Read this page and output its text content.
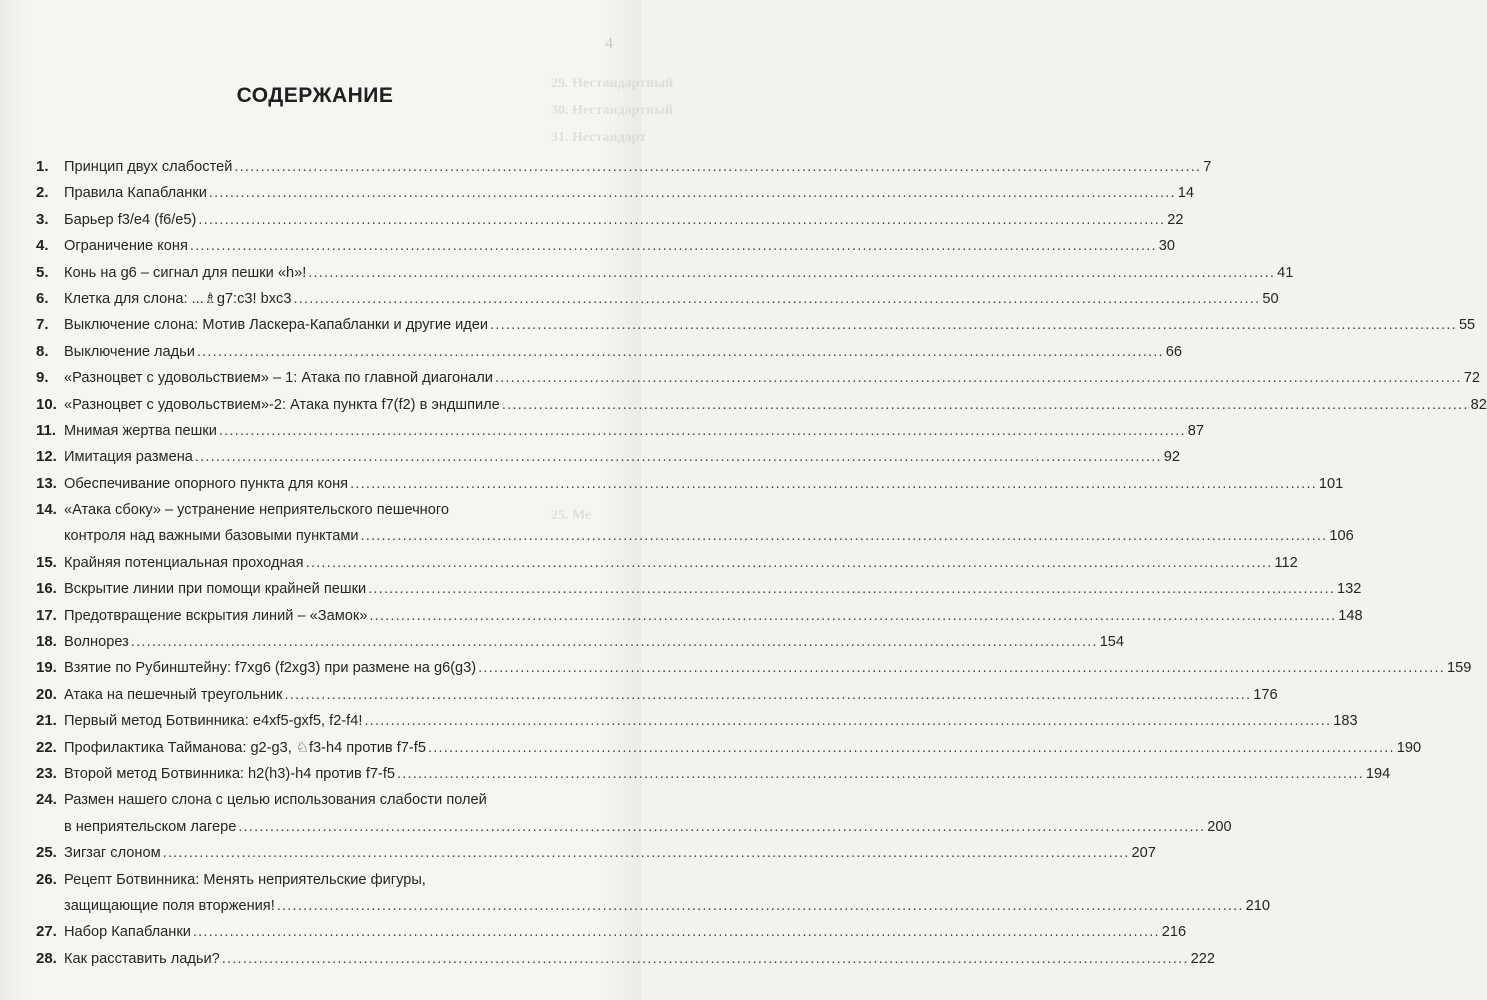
29. Нестандартный
30. Нестандартный
31. Нестандарт
25. Ме
4
СОДЕРЖАНИЕ
1.	Принцип двух слабостей .....	7
2.	Правила Капабланки .....	14
3.	Барьер f3/e4 (f6/e5) .....	22
4.	Ограничение коня .....	30
5.	Конь на g6 – сигнал для пешки «h»! .....	41
6.	Клетка для слона: ...♗g7:c3! bxc3 .....	50
7.	Выключение слона: Мотив Ласкера-Капабланки и другие идеи .....	55
8.	Выключение ладьи .....	66
9.	«Разноцвет с удовольствием» – 1: Атака по главной диагонали .....	72
10. «Разноцвет с удовольствием»-2: Атака пункта f7(f2) в эндшпиле .....	82
11. Мнимая жертва пешки .....	87
12. Имитация размена .....	92
13. Обеспечивание опорного пункта для коня .....	101
14. «Атака сбоку» – устранение неприятельского пешечного
контроля над важными базовыми пунктами .....	106
15. Крайняя потенциальная проходная .....	112
16. Вскрытие линии при помощи крайней пешки .....	132
17. Предотвращение вскрытия линий – «Замок» .....	148
18. Волнорез .....	154
19. Взятие по Рубинштейну: f7xg6 (f2xg3) при размене на g6(g3) .....	159
20. Атака на пешечный треугольник .....	176
21. Первый метод Ботвинника: e4xf5-gxf5, f2-f4! .....	183
22. Профилактика Тайманова: g2-g3, ♘f3-h4 против f7-f5 .....	190
23. Второй метод Ботвинника: h2(h3)-h4 против f7-f5 .....	194
24. Размен нашего слона с целью использования слабости полей
в неприятельском лагере .....	200
25. Зигзаг слоном .....	207
26. Рецепт Ботвинника: Менять неприятельские фигуры,
защищающие поля вторжения! .....	210
27. Набор Капабланки .....	216
28. Как расставить ладьи? .....	222
